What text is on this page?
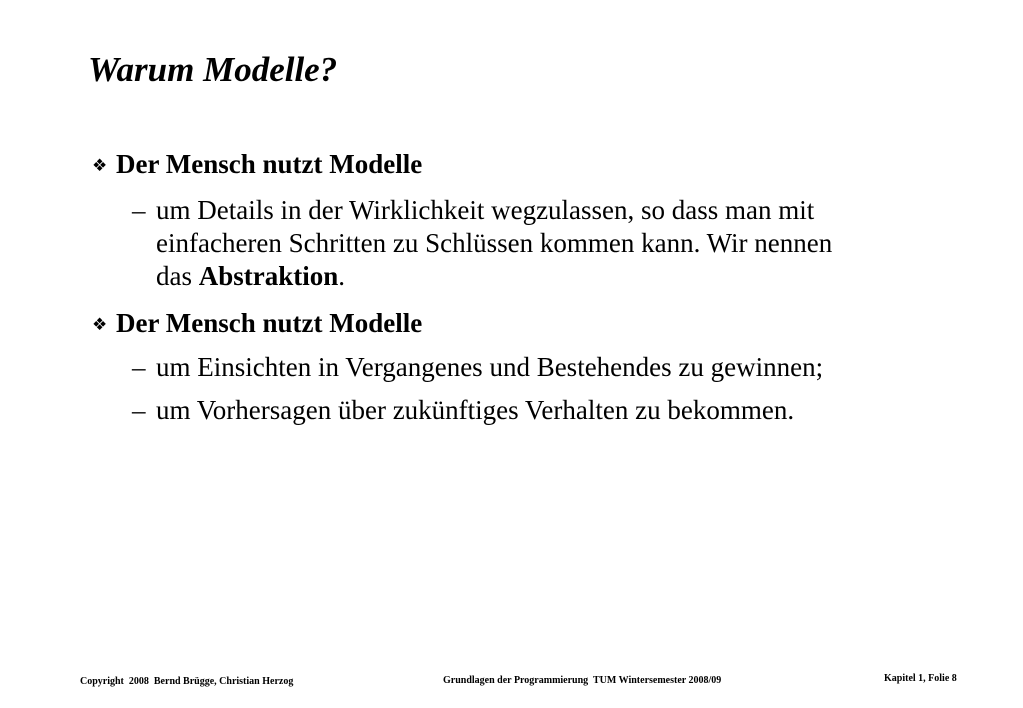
Warum Modelle?
❖ Der Mensch nutzt Modelle
– um Details in der Wirklichkeit wegzulassen, so dass man mit
einfacheren Schritten zu Schlüssen kommen kann. Wir nennen
das Abstraktion.
❖ Der Mensch nutzt Modelle
– um Einsichten in Vergangenes und Bestehendes zu gewinnen;
– um Vorhersagen über zukünftiges Verhalten zu bekommen.
Copyright  2008  Bernd Brügge, Christian Herzog	Grundlagen der Programmierung  TUM Wintersemester 2008/09	Kapitel 1, Folie 8
